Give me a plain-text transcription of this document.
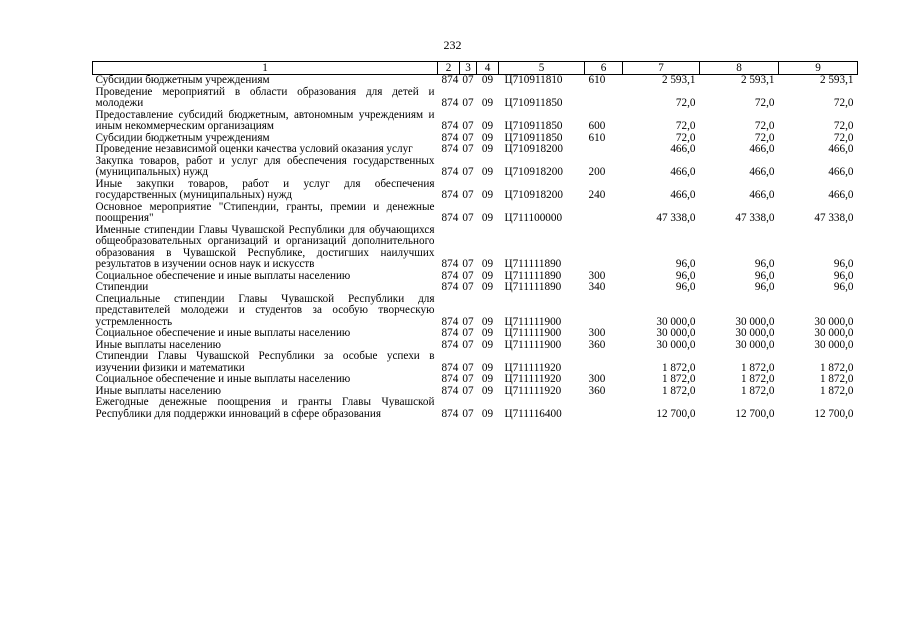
232
1	2	3	4	5	6	7	8	9
Субсидии бюджетным учреждениям	874	07	09	Ц710911810	610	2 593,1	2 593,1	2 593,1
Проведение мероприятий в области образования для детей и молодежи	874	07	09	Ц710911850		72,0	72,0	72,0
Предоставление субсидий бюджетным, автономным учреждениям и иным некоммерческим организациям	874	07	09	Ц710911850	600	72,0	72,0	72,0
Субсидии бюджетным учреждениям	874	07	09	Ц710911850	610	72,0	72,0	72,0
Проведение независимой оценки качества условий оказания услуг	874	07	09	Ц710918200		466,0	466,0	466,0
Закупка товаров, работ и услуг для обеспечения государственных (муниципальных) нужд	874	07	09	Ц710918200	200	466,0	466,0	466,0
Иные закупки товаров, работ и услуг для обеспечения государственных (муниципальных) нужд	874	07	09	Ц710918200	240	466,0	466,0	466,0
Основное мероприятие "Стипендии, гранты, премии и денежные поощрения"	874	07	09	Ц711100000		47 338,0	47 338,0	47 338,0
Именные стипендии Главы Чувашской Республики для обучающихся общеобразовательных организаций и организаций дополнительного образования в Чувашской Республике, достигших наилучших результатов в изучении основ наук и искусств	874	07	09	Ц711111890		96,0	96,0	96,0
Социальное обеспечение и иные выплаты населению	874	07	09	Ц711111890	300	96,0	96,0	96,0
Стипендии	874	07	09	Ц711111890	340	96,0	96,0	96,0
Специальные стипендии Главы Чувашской Республики для представителей молодежи и студентов за особую творческую устремленность	874	07	09	Ц711111900		30 000,0	30 000,0	30 000,0
Социальное обеспечение и иные выплаты населению	874	07	09	Ц711111900	300	30 000,0	30 000,0	30 000,0
Иные выплаты населению	874	07	09	Ц711111900	360	30 000,0	30 000,0	30 000,0
Стипендии Главы Чувашской Республики за особые успехи в изучении физики и математики	874	07	09	Ц711111920		1 872,0	1 872,0	1 872,0
Социальное обеспечение и иные выплаты населению	874	07	09	Ц711111920	300	1 872,0	1 872,0	1 872,0
Иные выплаты населению	874	07	09	Ц711111920	360	1 872,0	1 872,0	1 872,0
Ежегодные денежные поощрения и гранты Главы Чувашской Республики для поддержки инноваций в сфере образования	874	07	09	Ц711116400		12 700,0	12 700,0	12 700,0
